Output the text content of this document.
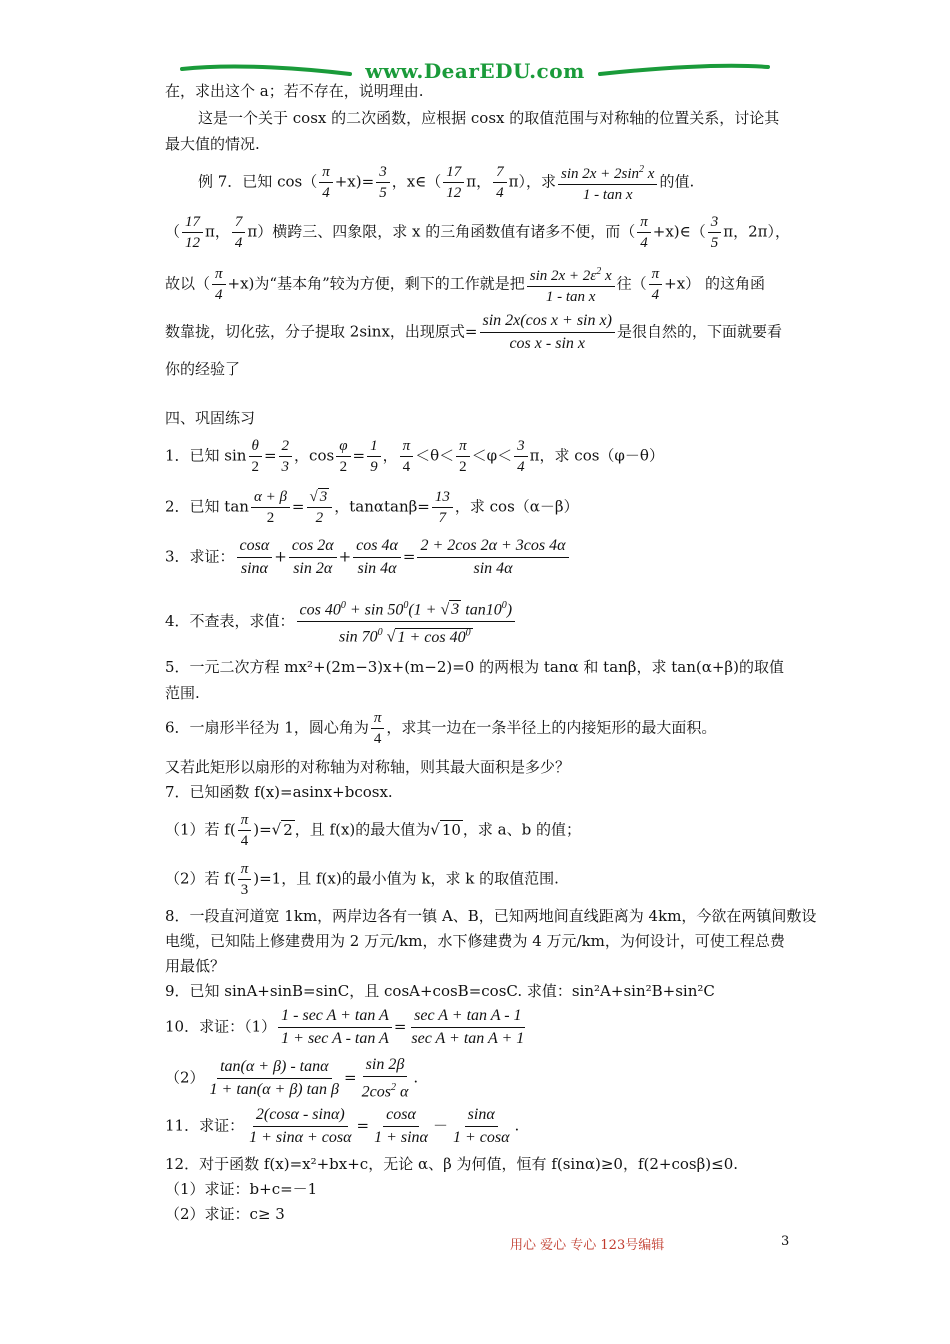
www.DearEDU.com
在，求出这个 a；若不存在，说明理由.
这是一个关于 cosx 的二次函数，应根据 cosx 的取值范围与对称轴的位置关系，讨论其
最大值的情况.
例 7．已知 $\cos( \frac{\pi}{4} +x)= \frac{3}{5}$ ，x∈（ $\frac{17}{12}$ π， $\frac{7}{4} \pi$），求 $\frac{\sin 2x + 2\sin^2 x}{\text{1 - tan x}}$ 的值.
（ $\frac{17}{12}$ π， $\frac{7}{4} \pi$）横跨三、四象限，求 x 的三角函数值有诸多不便，而（ $\frac{\pi}{4}$ +x)∈（ $\frac{3}{5}$ π，2π），
故以（ $\frac{\pi}{4} +x$)为“基本角”较为方便，剩下的工作就是把 $\frac{\sin 2x + 2\varepsilon^2 x}{\text{1 - tan x}}$ 往（ $\frac{\pi}{4} +x$） 的这角函
数靠拢，切化弦，分子提取 2sinx，出现原式= $\frac{\text{sin 2x(cos x + sin x)}}{\text{cos x - sin x}}$ 是很自然的，下面就要看
你的经验了
四、巩固练习
1．已知 $\sin \frac{\theta}{2} = \frac{2}{3}$ ，$\cos \frac{\varphi}{2} = \frac{1}{9}$ ， $\frac{\pi}{4} <\theta< \frac{\pi}{2} <\varphi< \frac{3}{4}$ π，求 cos（φ－θ）
2．已知 $\tan \frac{\alpha + \beta}{2} = \frac{√ 3}{2}$ ，$\tan\alpha\tan\beta= \frac{13}{7}$ ，求 cos（α－β）
3．求证： $\frac{\cos\alpha}{\sin\alpha} + \frac{\cos 2\alpha}{\sin 2\alpha} + \frac{\cos 4\alpha}{\sin 4\alpha} = \frac{2 + 2\cos 2\alpha + 3\cos 4\alpha}{\sin 4\alpha}$
4．不查表，求值： $\frac{\cos 40^0 + \sin 50^0(1 + √ 3 \tan 10^0)}{\sin 70^0 √ 1 + \cos 40^0}$
5．一元二次方程 mx²+(2m−3)x+(m−2)=0 的两根为 tanα 和 tanβ，求 tan(α+β)的取值
范围.
6．一扇形半径为 1，圆心角为 $\frac{\pi}{4}$ ，求其一边在一条半径上的内接矩形的最大面积。
又若此矩形以扇形的对称轴为对称轴，则其最大面积是多少？
7．已知函数 f(x)=asinx+bcosx.
（1）若 $f( \frac{\pi}{4}$ )=√ 2 ，且 f(x)的最大值为√ 10 ，求 a、b 的值；
（2）若 $f( \frac{\pi}{3} )=1$，且 f(x)的最小值为 k，求 k 的取值范围.
8．一段直河道宽 1km，两岸边各有一镇 A、B，已知两地间直线距离为 4km，今欲在两镇间敷设
电缆，已知陆上修建费用为 2 万元/km，水下修建费为 4 万元/km，为何设计，可使工程总费
用最低？
9．已知 sinA+sinB=sinC，且 cosA+cosB=cosC. 求值：sin²A+sin²B+sin²C
10．求证：（1）
1 - sec A + tan A
1 + sec A - tan A
=
sec A + tan A - 1
sec A + tan A + 1
$(2) \frac{\tan(\alpha + \beta) - \tan\alpha}{\text{1 + tan(α + β) tan β}} = \frac{\sin 2\beta}{2\cos^2 \alpha}$ .
11．求证： $\frac{2(\cos\alpha - \sin\alpha)}{1 + \sin\alpha + \cos\alpha} = \frac{\cos\alpha}{1 + \sin\alpha} - \frac{\sin\alpha}{1 + \cos\alpha}$ .
12．对于函数 f(x)=x²+bx+c，无论 α、β 为何值，恒有 f(sinα)≥0，f(2+cosβ)≤0.
（1）求证：b+c=－1
（2）求证：c≥ 3
用心 爱心 专心 123号编辑	3
